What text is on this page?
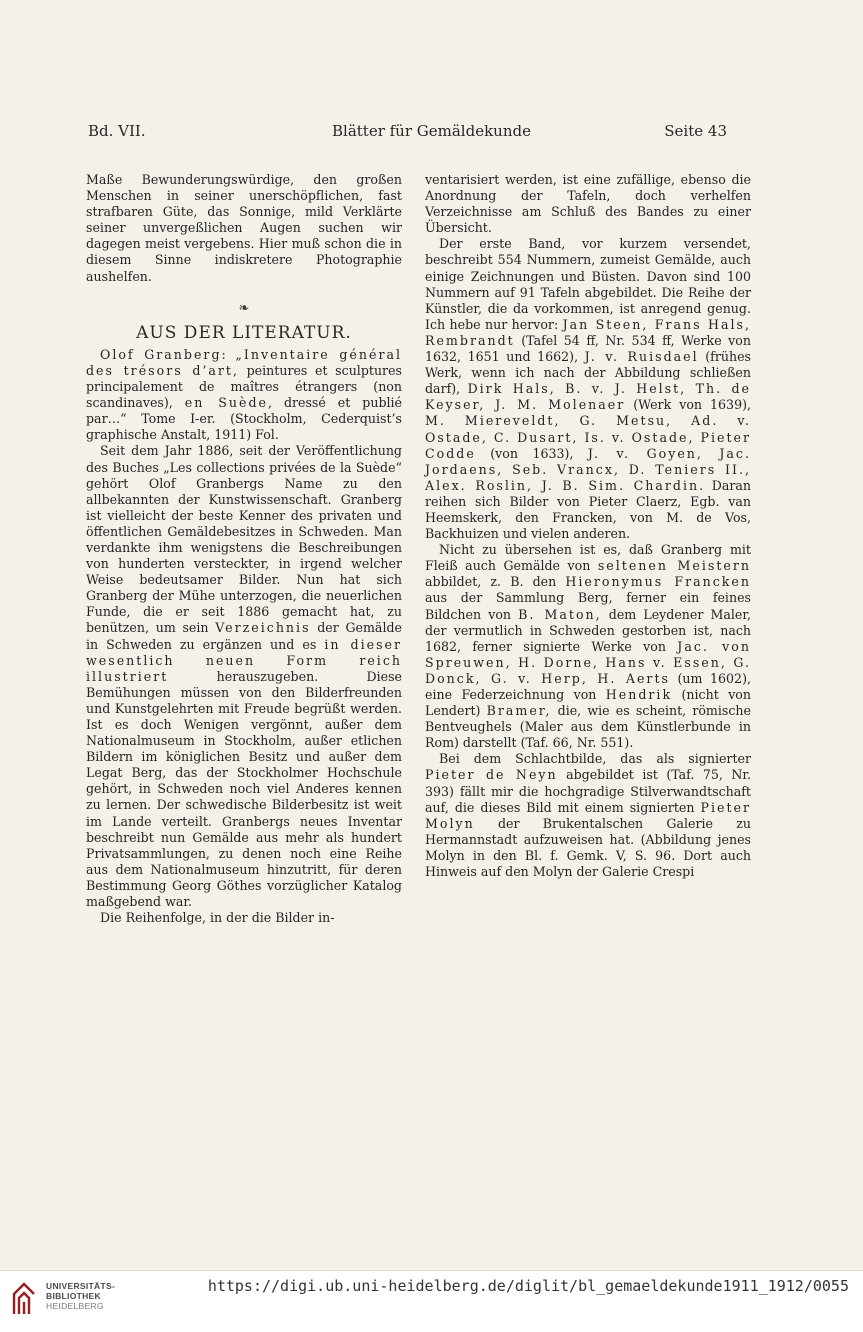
Blätter für Gemäldekunde
Bd. VII.	Seite 43

Maße Bewunderungswürdige, den großen Menschen in seiner unerschöpflichen, fast strafbaren Güte, das Sonnige, mild Verklärte seiner unvergeßlichen Augen suchen wir dagegen meist vergebens. Hier muß schon die in diesem Sinne indiskretere Photographie aushelfen.

❧
AUS DER LITERATUR.

Olof Granberg: „Inventaire général des trésors d’art, peintures et sculptures principalement de maîtres étrangers (non scandinaves), en Suède, dressé et publié par…“ Tome I-er. (Stockholm, Cederquist’s graphische Anstalt, 1911) Fol.

Seit dem Jahr 1886, seit der Veröffentlichung des Buches „Les collections privées de la Suède“ gehört Olof Granbergs Name zu den allbekannten der Kunstwissenschaft. Granberg ist vielleicht der beste Kenner des privaten und öffentlichen Gemäldebesitzes in Schweden. Man verdankte ihm wenigstens die Beschreibungen von hunderten versteckter, in irgend welcher Weise bedeutsamer Bilder. Nun hat sich Granberg der Mühe unterzogen, die neuerlichen Funde, die er seit 1886 gemacht hat, zu benützen, um sein Verzeichnis der Gemälde in Schweden zu ergänzen und es in dieser wesentlich neuen Form reich illustriert herauszugeben. Diese Bemühungen müssen von den Bilderfreunden und Kunstgelehrten mit Freude begrüßt werden. Ist es doch Wenigen vergönnt, außer dem Nationalmuseum in Stockholm, außer etlichen Bildern im königlichen Besitz und außer dem Legat Berg, das der Stockholmer Hochschule gehört, in Schweden noch viel Anderes kennen zu lernen. Der schwedische Bilderbesitz ist weit im Lande verteilt. Granbergs neues Inventar beschreibt nun Gemälde aus mehr als hundert Privatsammlungen, zu denen noch eine Reihe aus dem Nationalmuseum hinzutritt, für deren Bestimmung Georg Göthes vorzüglicher Katalog maßgebend war.

Die Reihenfolge, in der die Bilder in-

ventarisiert werden, ist eine zufällige, ebenso die Anordnung der Tafeln, doch verhelfen Verzeichnisse am Schluß des Bandes zu einer Übersicht.

Der erste Band, vor kurzem versendet, beschreibt 554 Nummern, zumeist Gemälde, auch einige Zeichnungen und Büsten. Davon sind 100 Nummern auf 91 Tafeln abgebildet. Die Reihe der Künstler, die da vorkommen, ist anregend genug. Ich hebe nur hervor: Jan Steen, Frans Hals, Rembrandt (Tafel 54 ff, Nr. 534 ff, Werke von 1632, 1651 und 1662), J. v. Ruisdael (frühes Werk, wenn ich nach der Abbildung schließen darf), Dirk Hals, B. v. J. Helst, Th. de Keyser, J. M. Molenaer (Werk von 1639), M. Miereveldt, G. Metsu, Ad. v. Ostade, C. Dusart, Is. v. Ostade, Pieter Codde (von 1633), J. v. Goyen, Jac. Jordaens, Seb. Vrancx, D. Teniers II., Alex. Roslin, J. B. Sim. Chardin. Daran reihen sich Bilder von Pieter Claerz, Egb. van Heemskerk, den Francken, von M. de Vos, Backhuizen und vielen anderen.

Nicht zu übersehen ist es, daß Granberg mit Fleiß auch Gemälde von seltenen Meistern abbildet, z. B. den Hieronymus Francken aus der Sammlung Berg, ferner ein feines Bildchen von B. Maton, dem Leydener Maler, der vermutlich in Schweden gestorben ist, nach 1682, ferner signierte Werke von Jac. von Spreuwen, H. Dorne, Hans v. Essen, G. Donck, G. v. Herp, H. Aerts (um 1602), eine Federzeichnung von Hendrik (nicht von Lendert) Bramer, die, wie es scheint, römische Bentveughels (Maler aus dem Künstlerbunde in Rom) darstellt (Taf. 66, Nr. 551).

Bei dem Schlachtbilde, das als signierter Pieter de Neyn abgebildet ist (Taf. 75, Nr. 393) fällt mir die hochgradige Stilverwandtschaft auf, die dieses Bild mit einem signierten Pieter Molyn der Brukentalschen Galerie zu Hermannstadt aufzuweisen hat. (Abbildung jenes Molyn in den Bl. f. Gemk. V, S. 96. Dort auch Hinweis auf den Molyn der Galerie Crespi

UNIVERSITÄTS-
BIBLIOTHEK
HEIDELBERG
https://digi.ub.uni-heidelberg.de/diglit/bl_gemaeldekunde1911_1912/0055
